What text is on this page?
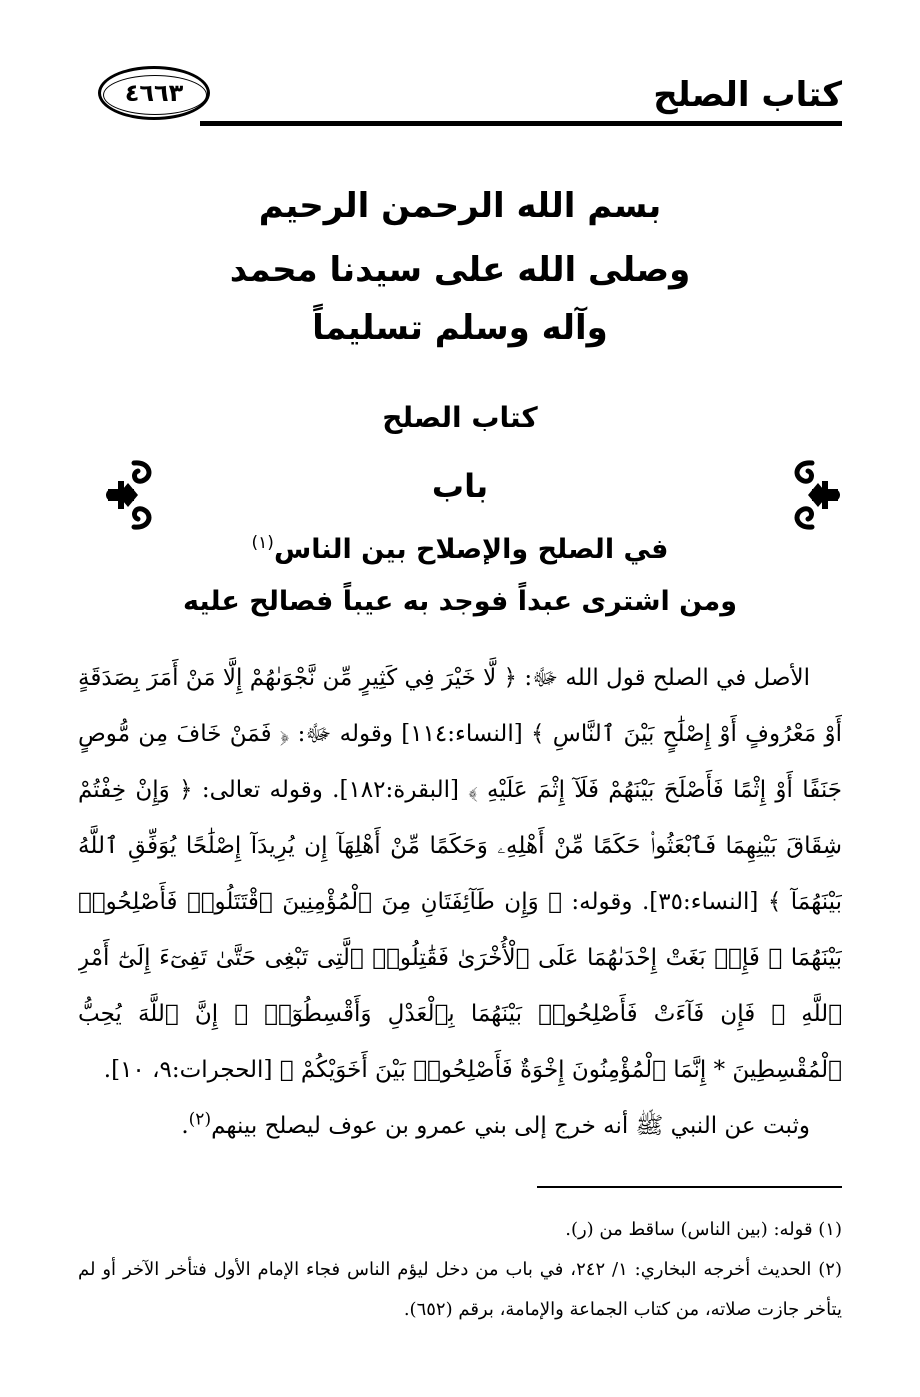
كتاب الصلح
٤٦٦٣
بسم الله الرحمن الرحيم
وصلى الله على سيدنا محمد
وآله وسلم تسليماً
كتاب الصلح
باب
في الصلح والإصلاح بين الناس$^{(١)}$
ومن اشترى عبداً فوجد به عيباً فصالح عليه

الأصل في الصلح قول الله ﷻ: ﴿ لَّا خَيْرَ فِي كَثِيرٍ مِّن نَّجْوَىٰهُمْ إِلَّا مَنْ أَمَرَ بِصَدَقَةٍ أَوْ مَعْرُوفٍ أَوْ إِصْلَٰحٍ بَيْنَ ٱلنَّاسِ ﴾ [النساء:١١٤] وقوله ﷻ: ﴿ فَمَنْ خَافَ مِن مُّوصٍ جَنَفًا أَوْ إِثْمًا فَأَصْلَحَ بَيْنَهُمْ فَلَآ إِثْمَ عَلَيْهِ ﴾ [البقرة:١٨٢]. وقوله تعالى: ﴿ وَإِنْ خِفْتُمْ شِقَاقَ بَيْنِهِمَا فَٱبْعَثُوا۟ حَكَمًا مِّنْ أَهْلِهِۦ وَحَكَمًا مِّنْ أَهْلِهَآ إِن يُرِيدَآ إِصْلَٰحًا يُوَفِّقِ ٱللَّهُ بَيْنَهُمَآ ﴾ [النساء:٣٥]. وقوله: ﴿ وَإِن طَآئِفَتَانِ مِنَ ٱلْمُؤْمِنِينَ ٱقْتَتَلُوا۟ فَأَصْلِحُوا۟ بَيْنَهُمَا ۖ فَإِنۢ بَغَتْ إِحْدَىٰهُمَا عَلَى ٱلْأُخْرَىٰ فَقَٰتِلُوا۟ ٱلَّتِى تَبْغِى حَتَّىٰ تَفِىٓءَ إِلَىٰٓ أَمْرِ ٱللَّهِ ۚ فَإِن فَآءَتْ فَأَصْلِحُوا۟ بَيْنَهُمَا بِٱلْعَدْلِ وَأَقْسِطُوٓا۟ ۖ إِنَّ ٱللَّهَ يُحِبُّ ٱلْمُقْسِطِينَ * إِنَّمَا ٱلْمُؤْمِنُونَ إِخْوَةٌ فَأَصْلِحُوا۟ بَيْنَ أَخَوَيْكُمْ ﴾ [الحجرات:٩، ١٠].

وثبت عن النبي ﷺ أنه خرج إلى بني عمرو بن عوف ليصلح بينهم$^{(٢)}$.

(١) قوله: (بين الناس) ساقط من (ر).

(٢) الحديث أخرجه البخاري: ١/ ٢٤٢، في باب من دخل ليؤم الناس فجاء الإمام الأول فتأخر الآخر أو لم يتأخر جازت صلاته، من كتاب الجماعة والإمامة، برقم (٦٥٢).
